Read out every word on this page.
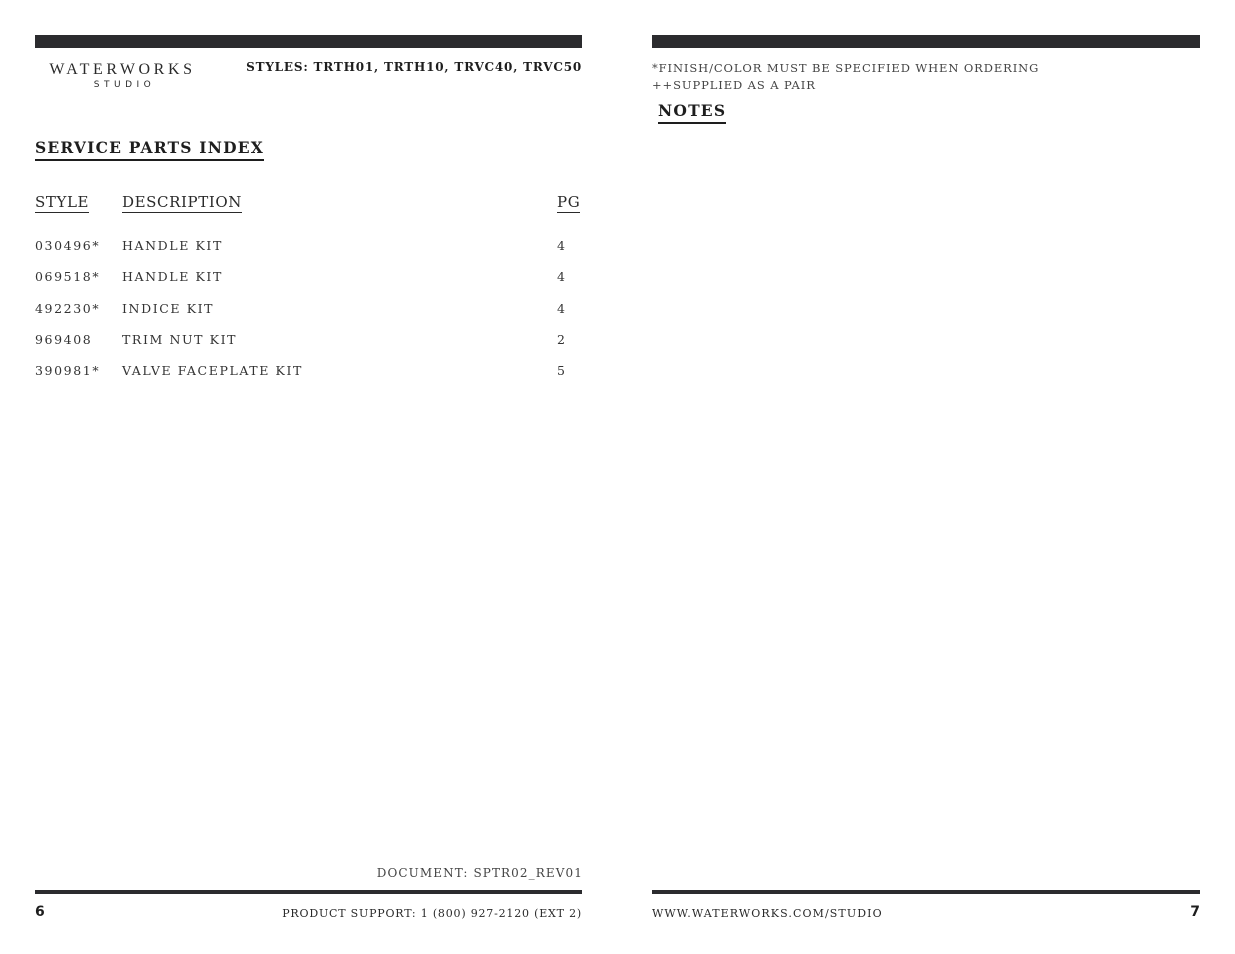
WATERWORKS
STUDIO
STYLES: TRTH01, TRTH10, TRVC40, TRVC50
SERVICE PARTS INDEX
STYLE DESCRIPTION	PG
030496* HANDLE KIT	4
069518* HANDLE KIT	4
492230* INDICE KIT	4
969408 TRIM NUT KIT	2
390981* VALVE FACEPLATE KIT	5
*FINISH/COLOR MUST BE SPECIFIED WHEN ORDERING
++SUPPLIED AS A PAIR
NOTES
DOCUMENT: SPTR02_REV01
6	PRODUCT SUPPORT: 1 (800) 927-2120 (EXT 2)	WWW.WATERWORKS.COM/STUDIO	7
